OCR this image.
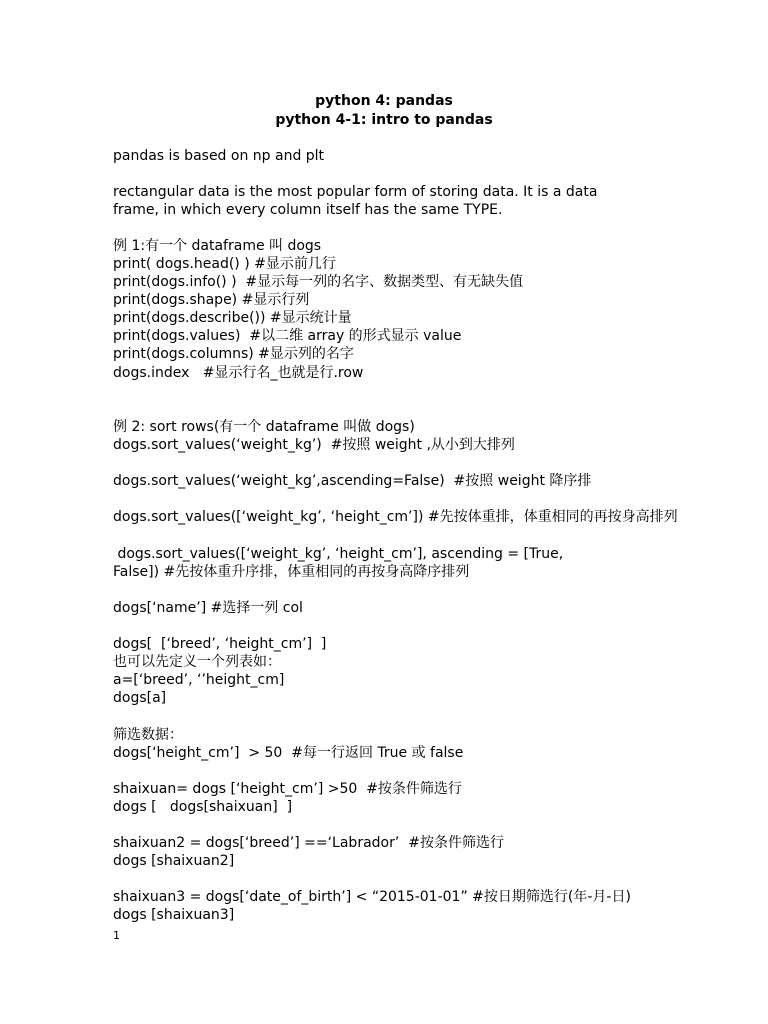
python 4: pandas
python 4-1: intro to pandas
pandas is based on np and plt
rectangular data is the most popular form of storing data. It is a data
frame, in which every column itself has the same TYPE.
例 1:有一个 dataframe 叫 dogs
print( dogs.head() ) #显示前几行
print(dogs.info() )  #显示每一列的名字、数据类型、有无缺失值
print(dogs.shape) #显示行列
print(dogs.describe()) #显示统计量
print(dogs.values)  #以二维 array 的形式显示 value
print(dogs.columns) #显示列的名字
dogs.index   #显示行名_也就是行.row
例 2: sort rows(有一个 dataframe 叫做 dogs)
dogs.sort_values(‘weight_kg’)  #按照 weight ,从小到大排列
dogs.sort_values(‘weight_kg’,ascending=False)  #按照 weight 降序排
dogs.sort_values([‘weight_kg’, ‘height_cm’]) #先按体重排，体重相同的再按身高排列
dogs.sort_values([‘weight_kg’, ‘height_cm’], ascending = [True,
False]) #先按体重升序排，体重相同的再按身高降序排列
dogs[‘name’] #选择一列 col
dogs[  [‘breed’, ‘height_cm’]  ]
也可以先定义一个列表如：
a=[‘breed’, ‘’height_cm]
dogs[a]
筛选数据：
dogs[‘height_cm’]  > 50  #每一行返回 True 或 false
shaixuan= dogs [‘height_cm’] >50  #按条件筛选行
dogs [   dogs[shaixuan]  ]
shaixuan2 = dogs[‘breed’] ==‘Labrador’  #按条件筛选行
dogs [shaixuan2]
shaixuan3 = dogs[‘date_of_birth’] < “2015-01-01” #按日期筛选行(年-月-日)
dogs [shaixuan3]
1
